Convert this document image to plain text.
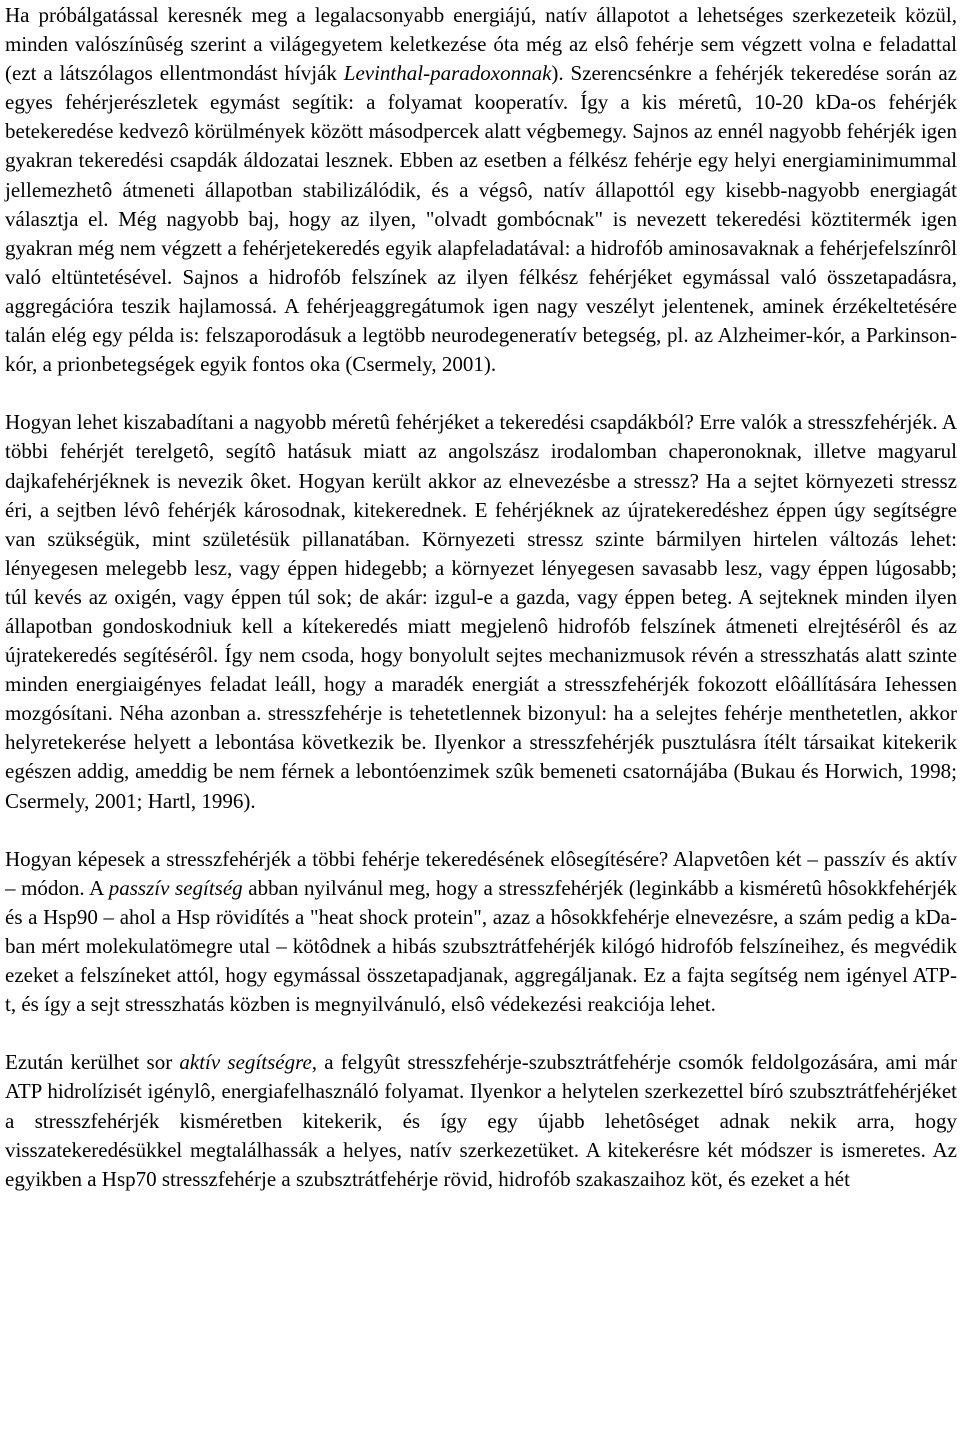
Ha próbálgatással keresnék meg a legalacsonyabb energiájú, natív állapotot a lehetséges szerkezeteik közül, minden valószínûség szerint a világegyetem keletkezése óta még az elsô fehérje sem végzett volna e feladattal (ezt a látszólagos ellentmondást hívják Levinthal-paradoxonnak). Szerencsénkre a fehérjék tekeredése során az egyes fehérjerészletek egymást segítik: a folyamat kooperatív. Így a kis méretû, 10-20 kDa-os fehérjék betekeredése kedvezô körülmények között másodpercek alatt végbemegy. Sajnos az ennél nagyobb fehérjék igen gyakran tekeredési csapdák áldozatai lesznek. Ebben az esetben a félkész fehérje egy helyi energiaminimummal jellemezhetô átmeneti állapotban stabilizálódik, és a végsô, natív állapottól egy kisebb-nagyobb energiagát választja el. Még nagyobb baj, hogy az ilyen, "olvadt gombócnak" is nevezett tekeredési köztitermék igen gyakran még nem végzett a fehérjetekeredés egyik alapfeladatával: a hidrofób aminosavaknak a fehérjefelszínrôl való eltüntetésével. Sajnos a hidrofób felszínek az ilyen félkész fehérjéket egymással való összetapadásra, aggregációra teszik hajlamossá. A fehérjeaggregátumok igen nagy veszélyt jelentenek, aminek érzékeltetésére talán elég egy példa is: felszaporodásuk a legtöbb neurodegeneratív betegség, pl. az Alzheimer-kór, a Parkinson-kór, a prionbetegségek egyik fontos oka (Csermely, 2001).

Hogyan lehet kiszabadítani a nagyobb méretû fehérjéket a tekeredési csapdákból? Erre valók a stresszfehérjék. A többi fehérjét terelgetô, segítô hatásuk miatt az angolszász irodalomban chaperonoknak, illetve magyarul dajkafehérjéknek is nevezik ôket. Hogyan került akkor az elnevezésbe a stressz? Ha a sejtet környezeti stressz éri, a sejtben lévô fehérjék károsodnak, kitekerednek. E fehérjéknek az újratekeredéshez éppen úgy segítségre van szükségük, mint születésük pillanatában. Környezeti stressz szinte bármilyen hirtelen változás lehet: lényegesen melegebb lesz, vagy éppen hidegebb; a környezet lényegesen savasabb lesz, vagy éppen lúgosabb; túl kevés az oxigén, vagy éppen túl sok; de akár: izgul-e a gazda, vagy éppen beteg. A sejteknek minden ilyen állapotban gondoskodniuk kell a kítekeredés miatt megjelenô hidrofób felszínek átmeneti elrejtésérôl és az újratekeredés segítésérôl. Így nem csoda, hogy bonyolult sejtes mechanizmusok révén a stresszhatás alatt szinte minden energiaigényes feladat leáll, hogy a maradék energiát a stresszfehérjék fokozott elôállítására Iehessen mozgósítani. Néha azonban a. stresszfehérje is tehetetlennek bizonyul: ha a selejtes fehérje menthetetlen, akkor helyretekerése helyett a lebontása következik be. Ilyenkor a stresszfehérjék pusztulásra ítélt társaikat kitekerik egészen addig, ameddig be nem férnek a lebontóenzimek szûk bemeneti csatornájába (Bukau és Horwich, 1998; Csermely, 2001; Hartl, 1996).

Hogyan képesek a stresszfehérjék a többi fehérje tekeredésének elôsegítésére? Alapvetôen két – passzív és aktív – módon. A passzív segítség abban nyilvánul meg, hogy a stresszfehérjék (leginkább a kisméretû hôsokkfehérjék és a Hsp90 – ahol a Hsp rövidítés a "heat shock protein", azaz a hôsokkfehérje elnevezésre, a szám pedig a kDa-ban mért molekulatömegre utal – kötôdnek a hibás szubsztrátfehérjék kilógó hidrofób felszíneihez, és megvédik ezeket a felszíneket attól, hogy egymással összetapadjanak, aggregáljanak. Ez a fajta segítség nem igényel ATP-t, és így a sejt stresszhatás közben is megnyilvánuló, elsô védekezési reakciója lehet.

Ezután kerülhet sor aktív segítségre, a felgyût stresszfehérje-szubsztrátfehérje csomók feldolgozására, ami már ATP hidrolízisét igénylô, energiafelhasználó folyamat. Ilyenkor a helytelen szerkezettel bíró szubsztrátfehérjéket a stresszfehérjék kisméretben kitekerik, és így egy újabb lehetôséget adnak nekik arra, hogy visszatekeredésükkel megtalálhassák a helyes, natív szerkezetüket. A kitekerésre két módszer is ismeretes. Az egyikben a Hsp70 stresszfehérje a szubsztrátfehérje rövid, hidrofób szakaszaihoz köt, és ezeket a hét
